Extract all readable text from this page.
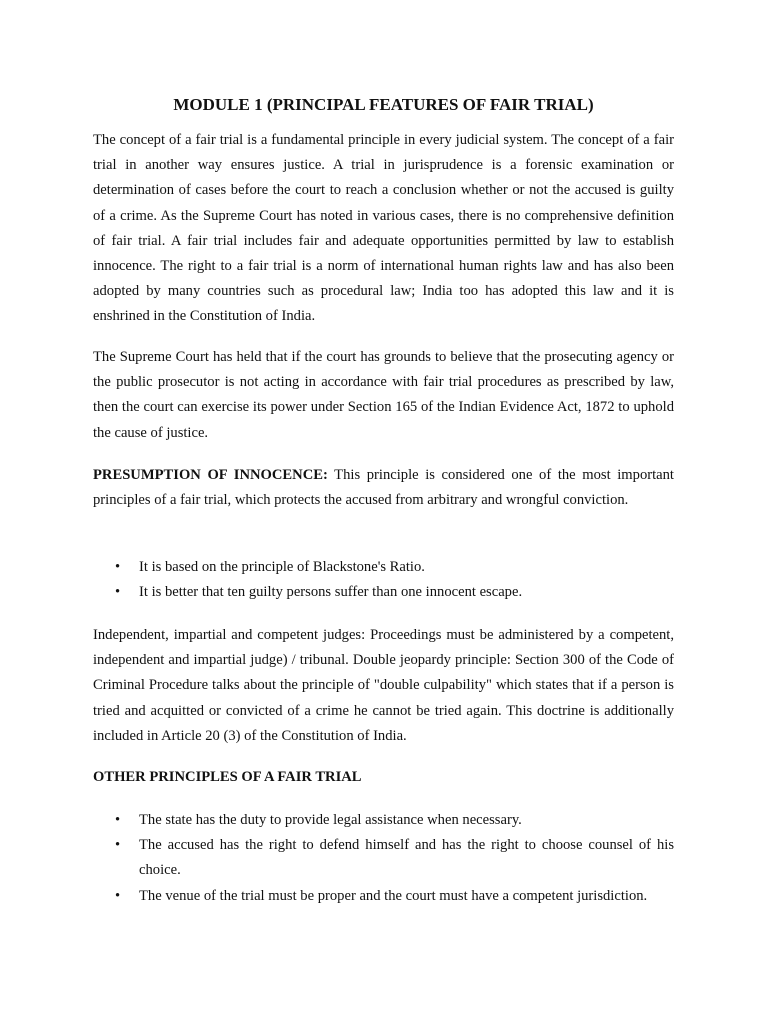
MODULE 1 (PRINCIPAL FEATURES OF FAIR TRIAL)

The concept of a fair trial is a fundamental principle in every judicial system. The concept of a fair trial in another way ensures justice. A trial in jurisprudence is a forensic examination or determination of cases before the court to reach a conclusion whether or not the accused is guilty of a crime. As the Supreme Court has noted in various cases, there is no comprehensive definition of fair trial. A fair trial includes fair and adequate opportunities permitted by law to establish innocence. The right to a fair trial is a norm of international human rights law and has also been adopted by many countries such as procedural law; India too has adopted this law and it is enshrined in the Constitution of India.

The Supreme Court has held that if the court has grounds to believe that the prosecuting agency or the public prosecutor is not acting in accordance with fair trial procedures as prescribed by law, then the court can exercise its power under Section 165 of the Indian Evidence Act, 1872 to uphold the cause of justice.

PRESUMPTION OF INNOCENCE: This principle is considered one of the most important principles of a fair trial, which protects the accused from arbitrary and wrongful conviction.

• It is based on the principle of Blackstone's Ratio.
• It is better that ten guilty persons suffer than one innocent escape.

Independent, impartial and competent judges: Proceedings must be administered by a competent, independent and impartial judge) / tribunal. Double jeopardy principle: Section 300 of the Code of Criminal Procedure talks about the principle of "double culpability" which states that if a person is tried and acquitted or convicted of a crime he cannot be tried again. This doctrine is additionally included in Article 20 (3) of the Constitution of India.

OTHER PRINCIPLES OF A FAIR TRIAL
• The state has the duty to provide legal assistance when necessary.
• The accused has the right to defend himself and has the right to choose counsel of his choice.
• The venue of the trial must be proper and the court must have a competent jurisdiction.
